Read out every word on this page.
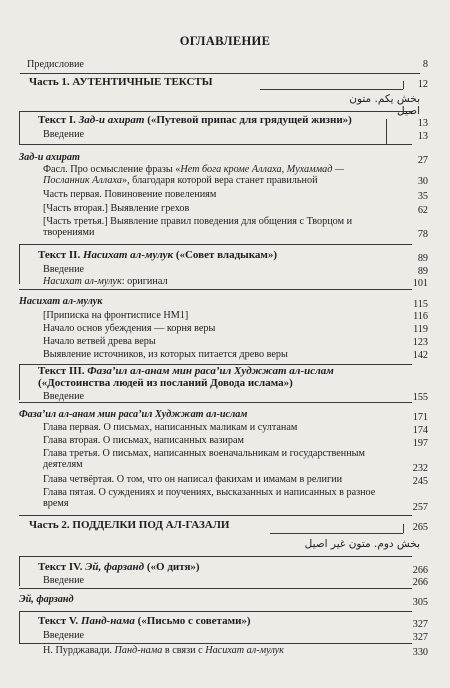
ОГЛАВЛЕНИЕ
Предисловие	8
Часть 1. АУТЕНТИЧНЫЕ ТЕКСТЫ	12
بخش يكم. متون اصيل
Текст I. Зад-и ахират («Путевой припас для грядущей жизни»)	13
Введение	13
Зад-и ахират	27
Фасл. Про осмысление фразы «Нет бога кроме Аллаха, Мухаммад — Посланник Аллаха», благодаря которой вера станет правильной	30
Часть первая. Повиновение повелениям	35
[Часть вторая.] Выявление грехов	62
[Часть третья.] Выявление правил поведения для общения с Творцом и творениями	78
Текст II. Насихат ал-мулук («Совет владыкам»)	89
Введение	89
Насихат ал-мулук: оригинал	101
Насихат ал-мулук	115
[Приписка на фронтисписе НМ1]	116
Начало основ убеждения — корня веры	119
Начало ветвей древа веры	123
Выявление источников, из которых питается древо веры	142
Текст III. Фаза’ил ал-анам мин раса’ил Худжжат ал-ислам
(«Достоинства людей из посланий Довода ислама»)
Введение	155
Фаза’ил ал-анам мин раса’ил Худжжат ал-ислам	171
Глава первая. О письмах, написанных маликам и султанам	174
Глава вторая. О письмах, написанных вазирам	197
Глава третья. О письмах, написанных военачальникам и государственным деятелям	232
Глава четвёртая. О том, что он написал факихам и имамам в религии	245
Глава пятая. О суждениях и поучениях, высказанных и написанных в разное время	257
Часть 2. ПОДДЕЛКИ ПОД АЛ-ГАЗАЛИ	265
بخش دوم. متون غير اصيل
Текст IV. Эй, фарзанд («О дитя»)	266
Введение	266
Эй, фарзанд	305
Текст V. Панд-нама («Письмо с советами»)	327
Введение	327
Н. Пурджавади. Панд-нама в связи с Насихат ал-мулук	330
